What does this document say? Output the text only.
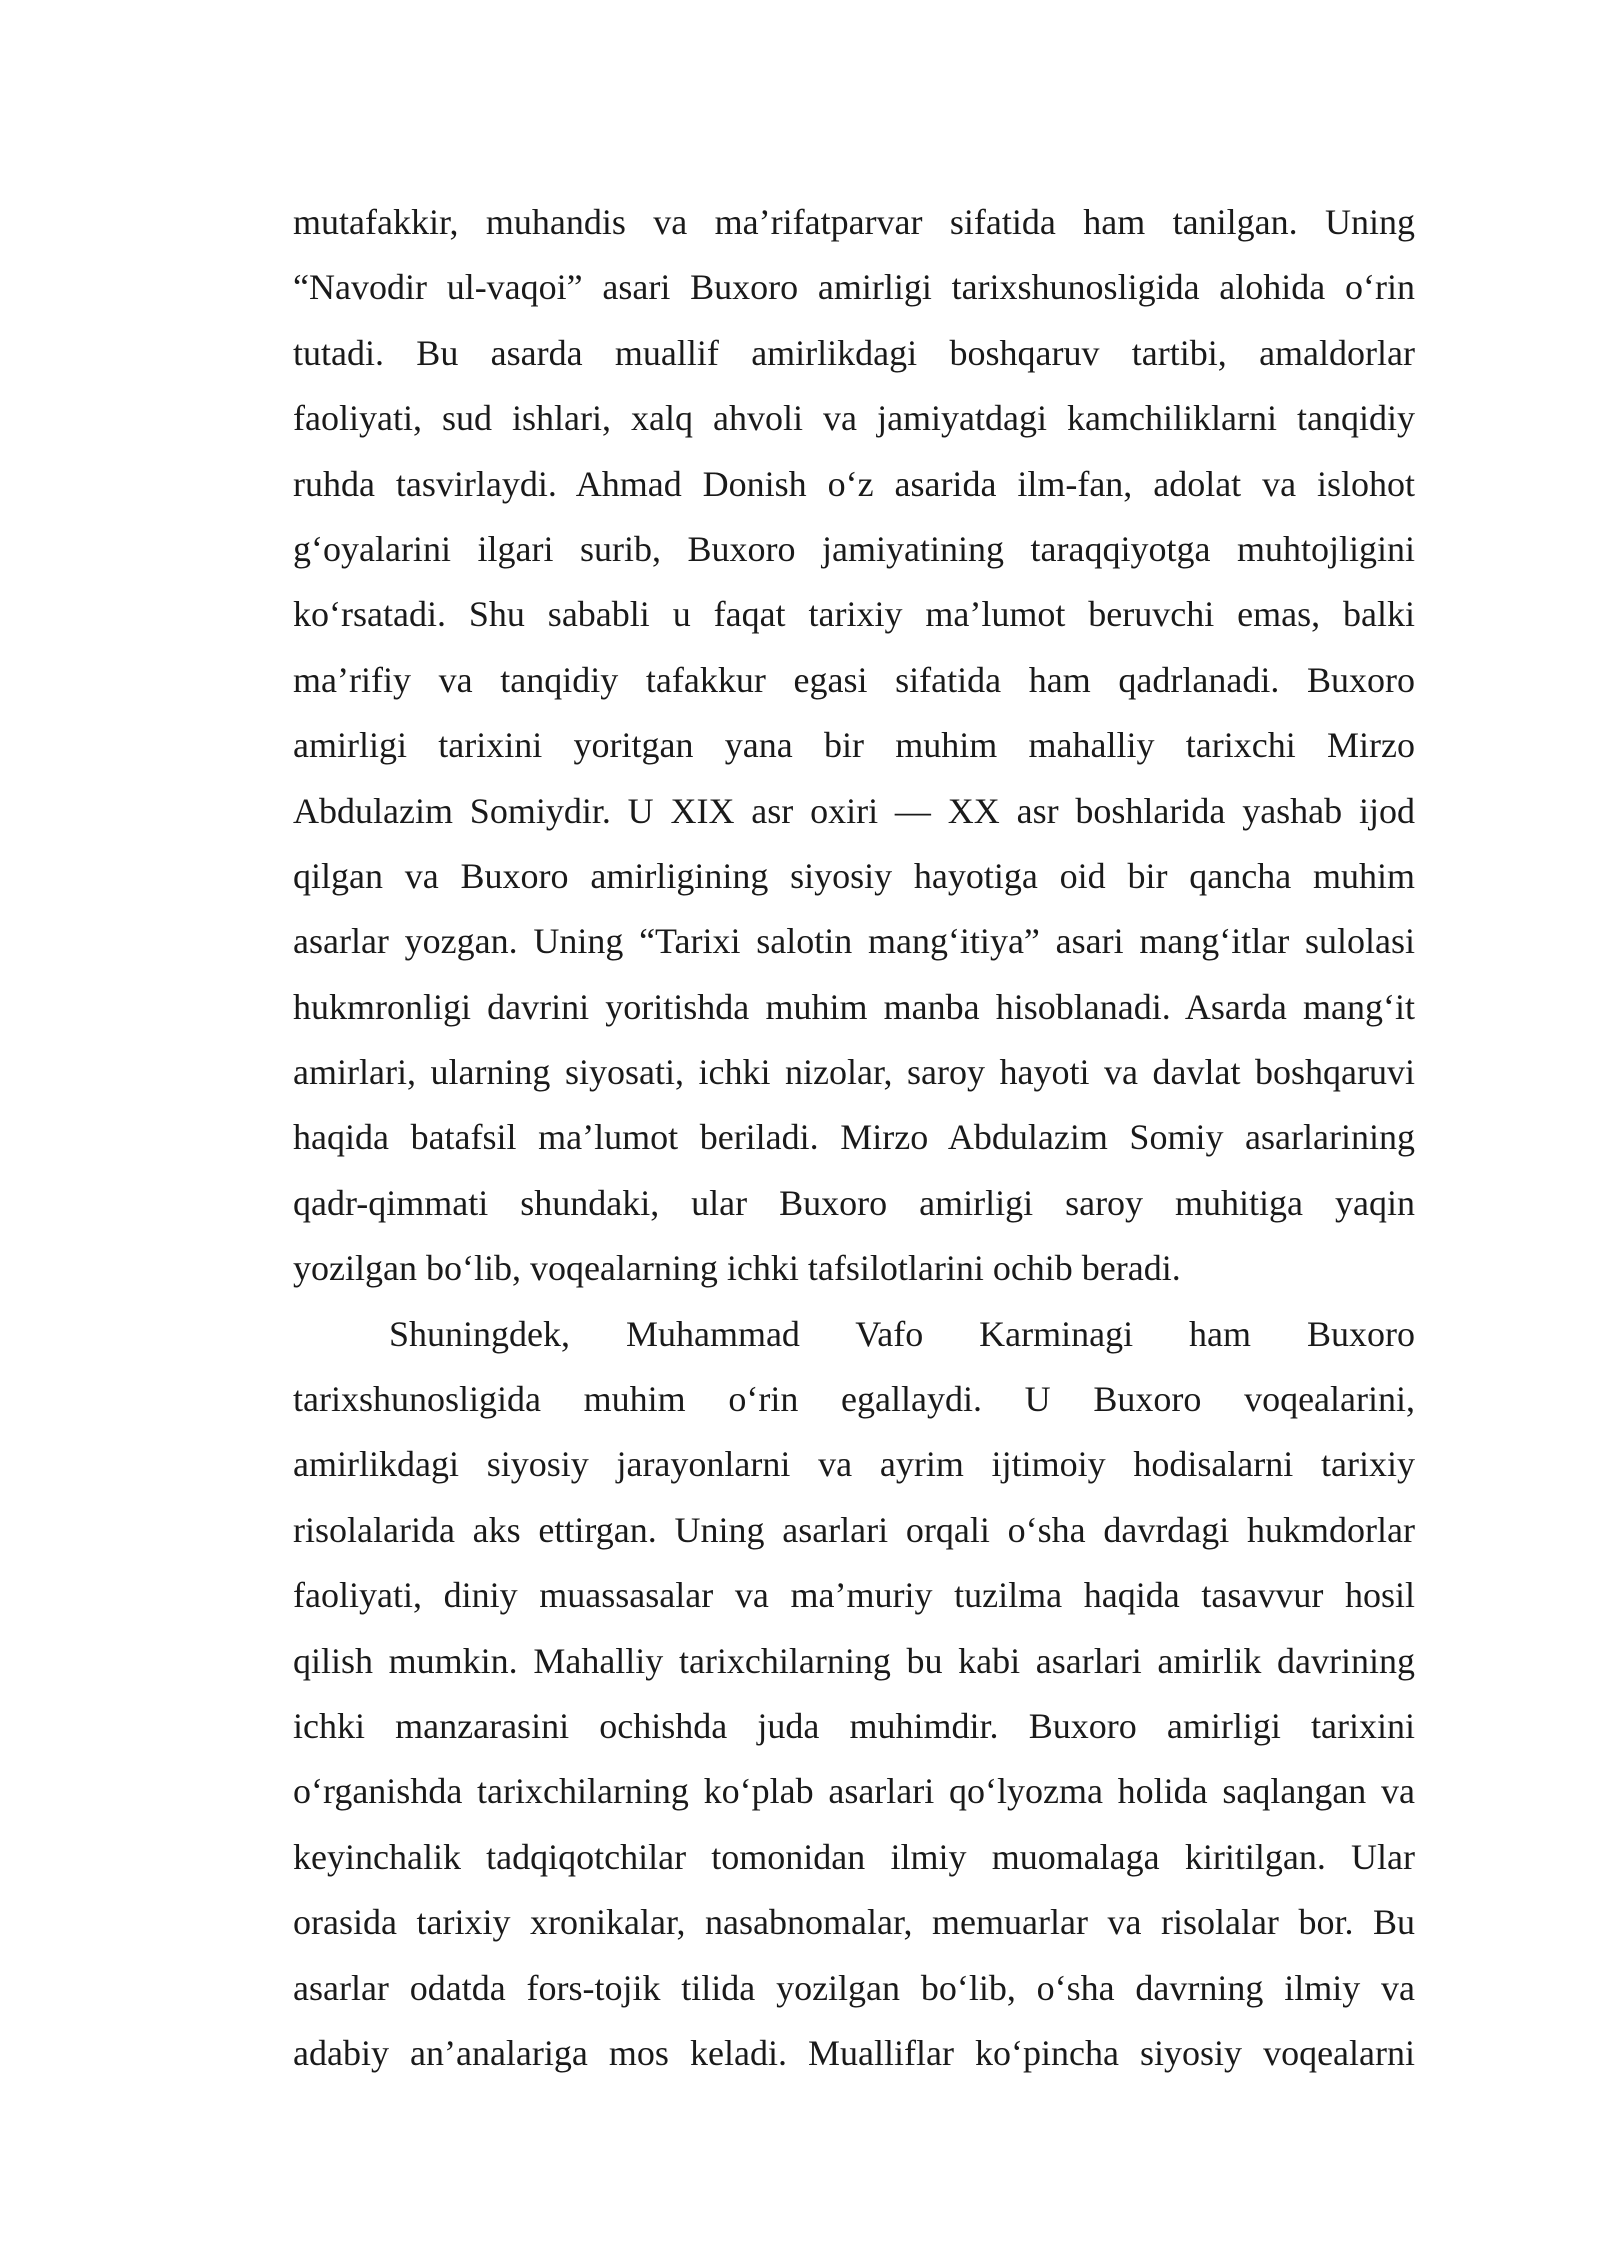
mutafakkir, muhandis va ma’rifatparvar sifatida ham tanilgan. Uning
“Navodir ul-vaqoi” asari Buxoro amirligi tarixshunosligida alohida o‘rin
tutadi. Bu asarda muallif amirlikdagi boshqaruv tartibi, amaldorlar
faoliyati, sud ishlari, xalq ahvoli va jamiyatdagi kamchiliklarni tanqidiy
ruhda tasvirlaydi. Ahmad Donish o‘z asarida ilm-fan, adolat va islohot
g‘oyalarini ilgari surib, Buxoro jamiyatining taraqqiyotga muhtojligini
ko‘rsatadi. Shu sababli u faqat tarixiy ma’lumot beruvchi emas, balki
ma’rifiy va tanqidiy tafakkur egasi sifatida ham qadrlanadi. Buxoro
amirligi tarixini yoritgan yana bir muhim mahalliy tarixchi Mirzo
Abdulazim Somiydir. U XIX asr oxiri — XX asr boshlarida yashab ijod
qilgan va Buxoro amirligining siyosiy hayotiga oid bir qancha muhim
asarlar yozgan. Uning “Tarixi salotin mang‘itiya” asari mang‘itlar sulolasi
hukmronligi davrini yoritishda muhim manba hisoblanadi. Asarda mang‘it
amirlari, ularning siyosati, ichki nizolar, saroy hayoti va davlat boshqaruvi
haqida batafsil ma’lumot beriladi. Mirzo Abdulazim Somiy asarlarining
qadr-qimmati shundaki, ular Buxoro amirligi saroy muhitiga yaqin
yozilgan bo‘lib, voqealarning ichki tafsilotlarini ochib beradi.
Shuningdek, Muhammad Vafo Karminagi ham Buxoro
tarixshunosligida muhim o‘rin egallaydi. U Buxoro voqealarini,
amirlikdagi siyosiy jarayonlarni va ayrim ijtimoiy hodisalarni tarixiy
risolalarida aks ettirgan. Uning asarlari orqali o‘sha davrdagi hukmdorlar
faoliyati, diniy muassasalar va ma’muriy tuzilma haqida tasavvur hosil
qilish mumkin. Mahalliy tarixchilarning bu kabi asarlari amirlik davrining
ichki manzarasini ochishda juda muhimdir. Buxoro amirligi tarixini
o‘rganishda tarixchilarning ko‘plab asarlari qo‘lyozma holida saqlangan va
keyinchalik tadqiqotchilar tomonidan ilmiy muomalaga kiritilgan. Ular
orasida tarixiy xronikalar, nasabnomalar, memuarlar va risolalar bor. Bu
asarlar odatda fors-tojik tilida yozilgan bo‘lib, o‘sha davrning ilmiy va
adabiy an’analariga mos keladi. Mualliflar ko‘pincha siyosiy voqealarni
